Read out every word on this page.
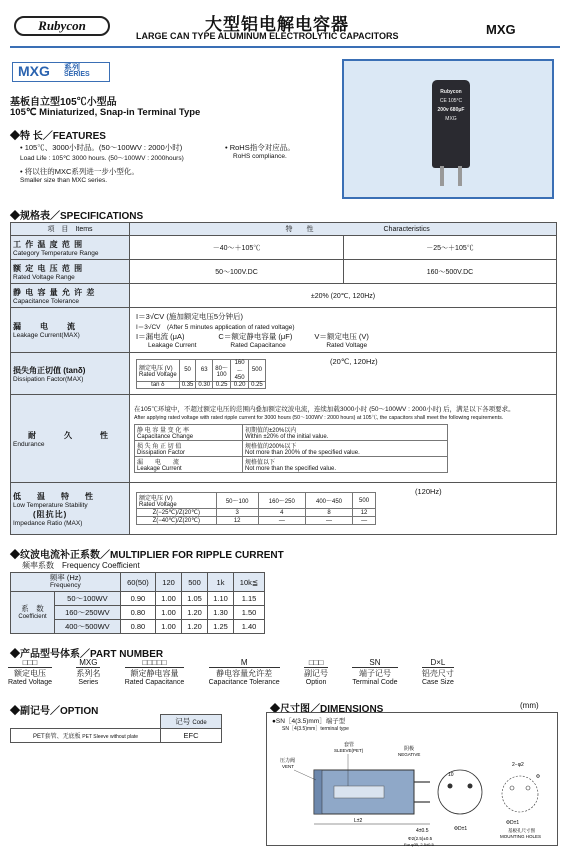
Rubycon	大型铝电解电容器
LARGE CAN TYPE ALUMINUM ELECTROLYTIC CAPACITORS	MXG
MXG 系列
SERIES
Rubycon
CE 105°C
200v 680μF
MXG
基板自立型105℃小型品
105℃ Miniaturized, Snap-in Terminal Type
◆特 长／FEATURES
• 105℃、3000小时品。(50～100WV : 2000小时)
Load Life : 105℃ 3000 hours. (50～100WV : 2000hours)
• RoHS指令对应品。
RoHS compliance.
• 将以往的MXC系列进一步小型化。
Smaller size than MXC series.
◆规格表／SPECIFICATIONS
项　目　Items	特　　性	Characteristics

工 作 温 度 范 围
Category Temperature Range
	－40～＋105℃	－25～＋105℃

额 定 电 压 范 围
Rated Voltage Range
	50～100V.DC	160～500V.DC

静 电 容 量 允 许 差
Capacitance Tolerance
	±20% (20℃, 120Hz)

漏　　电　　流
Leakage Current(MAX)

I＝3√CV (施加额定电压5分钟后)
I＝3√CV　(After 5 minutes application of rated voltage)
I＝漏电流 (μA)
Leakage Current
C＝额定静电容量 (μF)
Rated Capacitance
V＝额定电压 (V)
Rated Voltage

损失角正切值 (tanδ)
Dissipation Factor(MAX)

额定电压 (V)
Rated Voltage
	50	63	80～100	160～450	500
tan δ	0.35	0.30	0.25	0.20	0.25
(20℃, 120Hz)

耐　　久　　性
Endurance

在105℃环境中，不超过额定电压的范围内叠加额定纹波电流，连续加载3000小时 (50～100WV : 2000小时) 后，满足以下各项要求。
After applying rated voltage with rated ripple current for 3000 hours (50～100WV : 2000 hours) at 105℃, the capacitors shall meet the following requirements.
静 电 容 量 变 化 率
Capacitance Change

初期值的±20%以内
Within ±20% of the initial value.

损 失 角 正 切 值
Dissipation Factor

规格值的200%以下
Not more than 200% of the specified value.

漏　　电　　流
Leakage Current

规格值以下
Not more than the specified value.

低　温　特　性
Low Temperature Stability
(阻抗比)
Impedance Ratio (MAX)

额定电压 (V)
Rated Voltage	50～100	160～250	400～450	500
Z(−25℃)/Z(20℃)	3	4	8	12
Z(−40℃)/Z(20℃)	12	—	—	—
(120Hz)
◆纹波电流补正系数／MULTIPLIER FOR RIPPLE CURRENT
频率系数　Frequency Coefficient
频率 (Hz)
Frequency		60(50)	120	500	1k	10k≦

系　数
Coefficient	50～100WV	0.90	1.00	1.05	1.10	1.15
	160～250WV	0.80	1.00	1.20	1.30	1.50
	400～500WV	0.80	1.00	1.20	1.25	1.40
◆产品型号体系／PART NUMBER
□□□
额定电压
Rated Voltage
MXG
系列名
Series
□□□□□
额定静电容量
Rated Capacitance
M
静电容量允许差
Capacitance Tolerance
□□□
副记号
Option
SN
端子记号
Terminal Code
D×L
铝壳尺寸
Case Size
◆副记号／OPTION
	记号 Code
PET套管、无底板 PET Sleeve without plate	EFC
◆尺寸图／DIMENSIONS	(mm)
●SN［4(3.5)mm］端子型
SN［4(3.5)mm］terminal type
L±2
4±0.5
套管
SLEEVE(PET)
压力阀
VENT
阴极
NEGATIVE
Φ2(2.5)±0.5
For φ35, 2.5±0.5
10
ΦD±1
2−φ2
Φ
ΦD±1
基板孔尺寸图
MOUNTING HOLES
